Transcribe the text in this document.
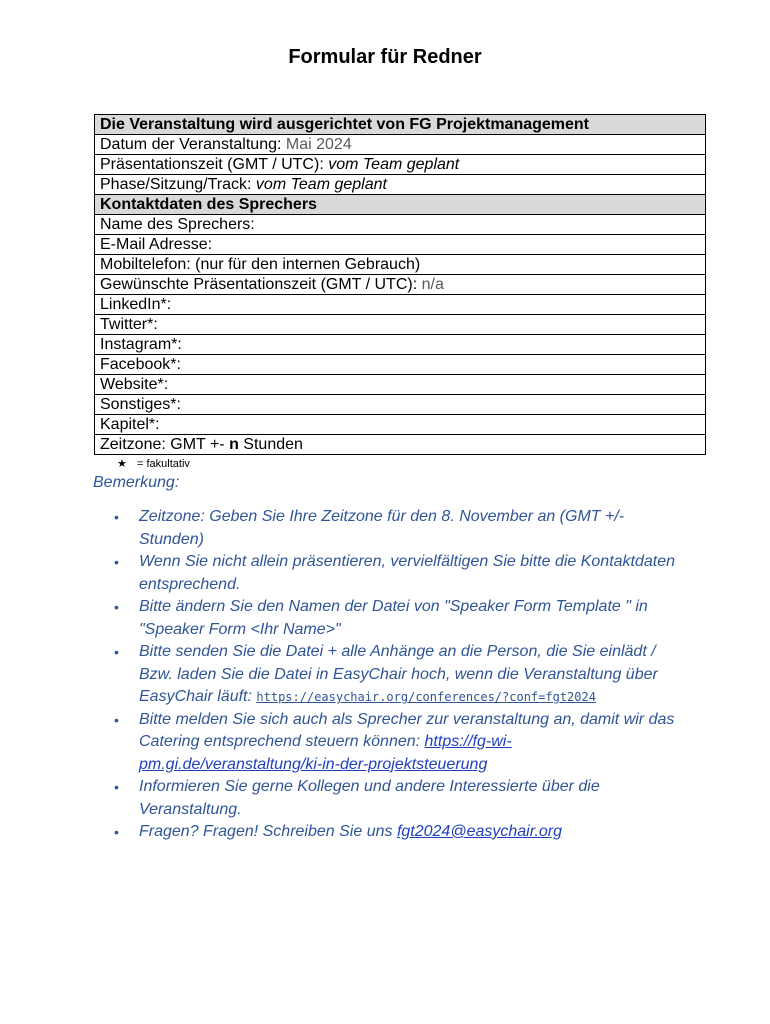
Formular für Redner
Die Veranstaltung wird ausgerichtet von FG Projektmanagement
Datum der Veranstaltung: Mai 2024
Präsentationszeit (GMT / UTC): vom Team geplant
Phase/Sitzung/Track: vom Team geplant
Kontaktdaten des Sprechers
Name des Sprechers:
E-Mail Adresse:
Mobiltelefon: (nur für den internen Gebrauch)
Gewünschte Präsentationszeit (GMT / UTC): n/a
LinkedIn*:
Twitter*:
Instagram*:
Facebook*:
Website*:
Sonstiges*:
Kapitel*:
Zeitzone: GMT +- n Stunden
★ = fakultativ
Bemerkung:
• Zeitzone: Geben Sie Ihre Zeitzone für den 8. November an (GMT +/- Stunden)
• Wenn Sie nicht allein präsentieren, vervielfältigen Sie bitte die Kontaktdaten entsprechend.
• Bitte ändern Sie den Namen der Datei von "Speaker Form Template " in "Speaker Form <Ihr Name>"
• Bitte senden Sie die Datei + alle Anhänge an die Person, die Sie einlädt / Bzw. laden Sie die Datei in EasyChair hoch, wenn die Veranstaltung über EasyChair läuft: https://easychair.org/conferences/?conf=fgt2024
• Bitte melden Sie sich auch als Sprecher zur veranstaltung an, damit wir das Catering entsprechend steuern können: https://fg-wi-pm.gi.de/veranstaltung/ki-in-der-projektsteuerung
• Informieren Sie gerne Kollegen und andere Interessierte über die Veranstaltung.
• Fragen? Fragen! Schreiben Sie uns fgt2024@easychair.org
